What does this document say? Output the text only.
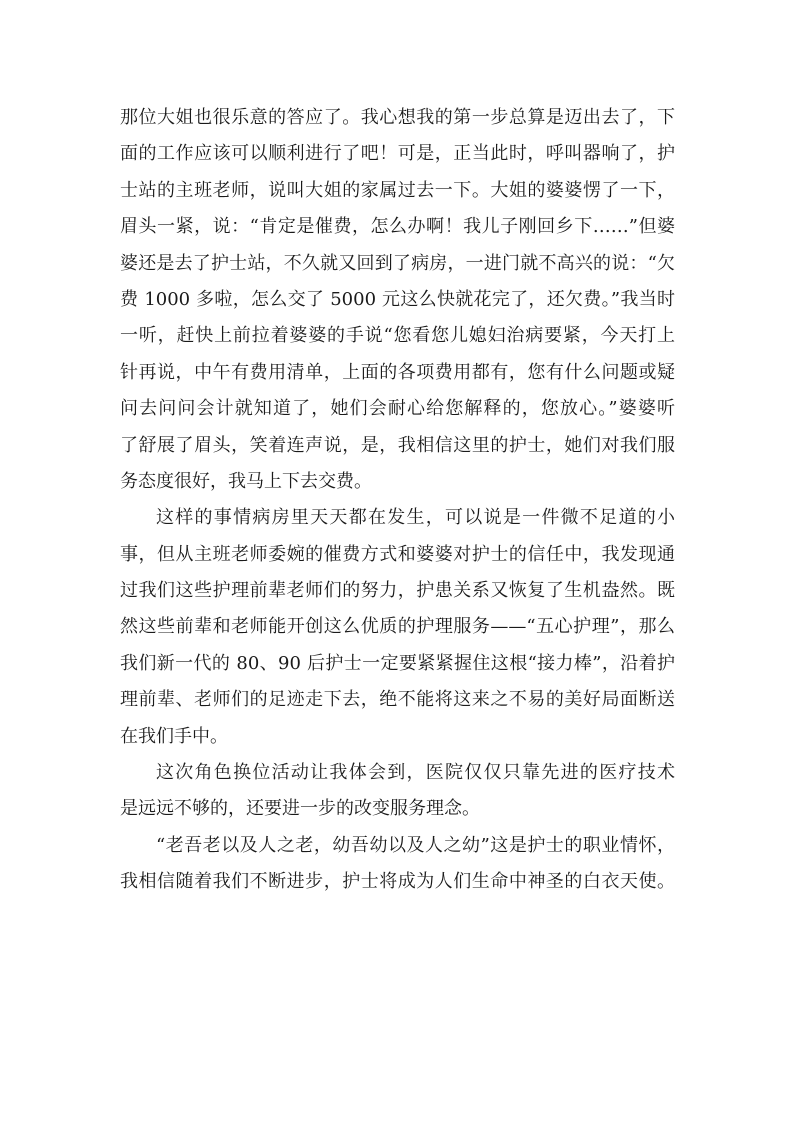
那位大姐也很乐意的答应了。我心想我的第一步总算是迈出去了，下
面的工作应该可以顺利进行了吧！可是，正当此时，呼叫器响了，护
士站的主班老师，说叫大姐的家属过去一下。大姐的婆婆愣了一下，
眉头一紧，说：“肯定是催费，怎么办啊！我儿子刚回乡下……”但婆
婆还是去了护士站，不久就又回到了病房，一进门就不高兴的说：“欠
费 1000 多啦，怎么交了 5000 元这么快就花完了，还欠费。”我当时
一听，赶快上前拉着婆婆的手说“您看您儿媳妇治病要紧，今天打上
针再说，中午有费用清单，上面的各项费用都有，您有什么问题或疑
问去问问会计就知道了，她们会耐心给您解释的，您放心。”婆婆听
了舒展了眉头，笑着连声说，是，我相信这里的护士，她们对我们服
务态度很好，我马上下去交费。
这样的事情病房里天天都在发生，可以说是一件微不足道的小
事，但从主班老师委婉的催费方式和婆婆对护士的信任中，我发现通
过我们这些护理前辈老师们的努力，护患关系又恢复了生机盎然。既
然这些前辈和老师能开创这么优质的护理服务——“五心护理”，那么
我们新一代的 80、90 后护士一定要紧紧握住这根“接力棒”，沿着护
理前辈、老师们的足迹走下去，绝不能将这来之不易的美好局面断送
在我们手中。
这次角色换位活动让我体会到，医院仅仅只靠先进的医疗技术
是远远不够的，还要进一步的改变服务理念。
“老吾老以及人之老，幼吾幼以及人之幼”这是护士的职业情怀，
我相信随着我们不断进步，护士将成为人们生命中神圣的白衣天使。
